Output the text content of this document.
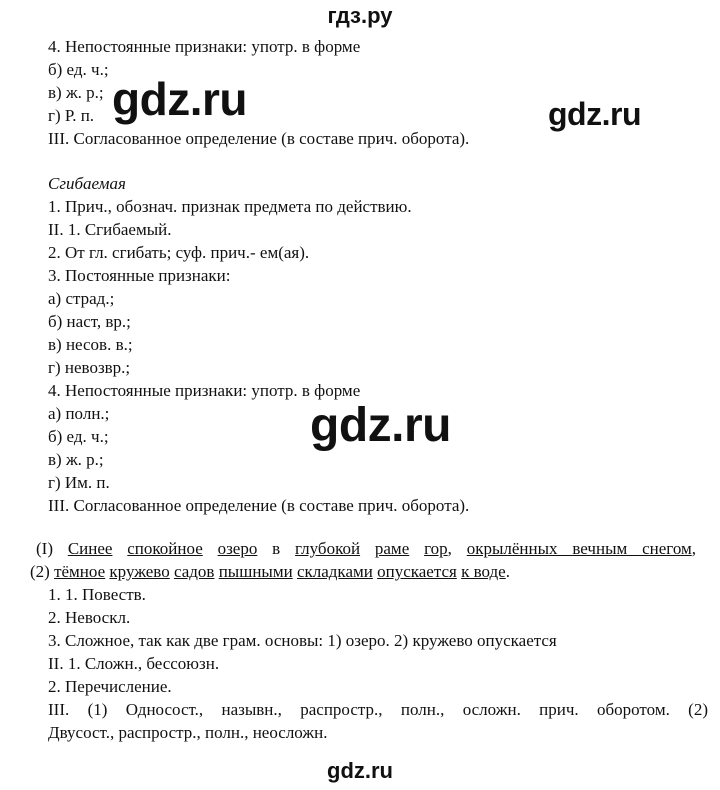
гдз.ру
4. Непостоянные признаки: употр. в форме
б) ед. ч.;
в) ж. р.;
г) Р. п.
III. Согласованное определение (в составе прич. оборота).
Сгибаемая
1. Прич., обознач. признак предмета по действию.
II. 1. Сгибаемый.
2. От гл. сгибать; суф. прич.- ем(ая).
3. Постоянные признаки:
а) страд.;
б) наст, вр.;
в) несов. в.;
г) невозвр.;
4. Непостоянные признаки: употр. в форме
а) полн.;
б) ед. ч.;
в) ж. р.;
г) Им. п.
III. Согласованное определение (в составе прич. оборота).
(I) Синее спокойное озеро в глубокой раме гор, окрылённых вечным снегом,
(2) тёмное кружево садов пышными складками опускается к воде.
1. 1. Повеств.
2. Невоскл.
3. Сложное, так как две грам. основы: 1) озеро. 2) кружево опускается
II. 1. Сложн., бессоюзн.
2. Перечисление.
III. (1) Односост., назывн., распростр., полн., осложн. прич. оборотом. (2)
Двусост., распростр., полн., неосложн.
gdz.ru	gdz.ru
gdz.ru
gdz.ru
